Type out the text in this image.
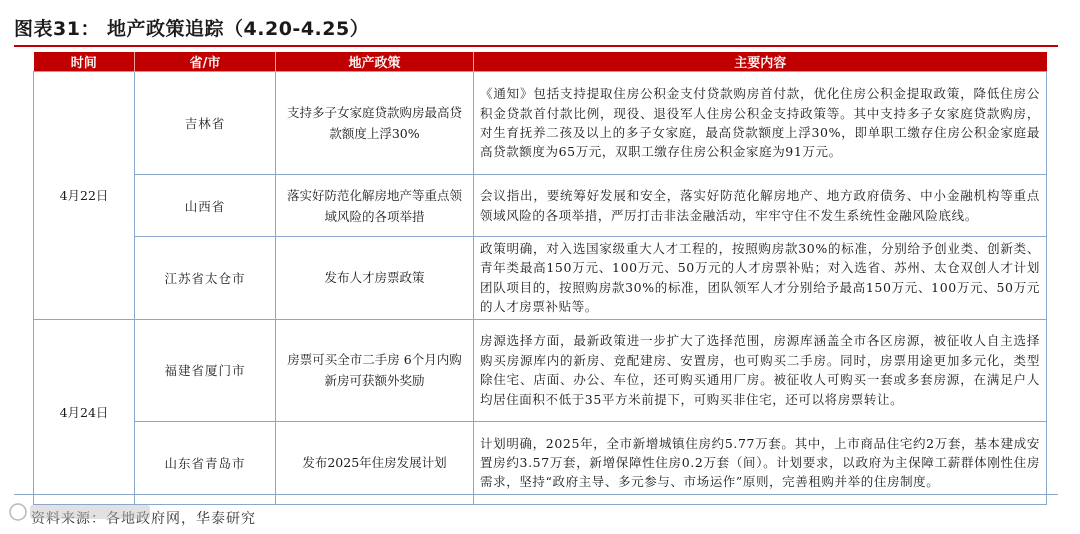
图表31： 地产政策追踪（4.20-4.25）
时间	省/市	地产政策	主要内容
4月22日	吉林省	支持多子女家庭贷款购房最高贷款额度上浮30%	《通知》包括支持提取住房公积金支付贷款购房首付款，优化住房公积金提取政策，降低住房公积金贷款首付款比例，现役、退役军人住房公积金支持政策等。其中支持多子女家庭贷款购房，对生育抚养二孩及以上的多子女家庭，最高贷款额度上浮30%，即单职工缴存住房公积金家庭最高贷款额度为65万元，双职工缴存住房公积金家庭为91万元。
	山西省	落实好防范化解房地产等重点领域风险的各项举措	会议指出，要统筹好发展和安全，落实好防范化解房地产、地方政府债务、中小金融机构等重点领域风险的各项举措，严厉打击非法金融活动，牢牢守住不发生系统性金融风险底线。
	江苏省太仓市	发布人才房票政策	政策明确，对入选国家级重大人才工程的，按照购房款30%的标准，分别给予创业类、创新类、青年类最高150万元、100万元、50万元的人才房票补贴；对入选省、苏州、太仓双创人才计划团队项目的，按照购房款30%的标准，团队领军人才分别给予最高150万元、100万元、50万元的人才房票补贴等。
4月24日	福建省厦门市	房票可买全市二手房 6个月内购新房可获额外奖励	房源选择方面，最新政策进一步扩大了选择范围，房源库涵盖全市各区房源，被征收人自主选择购买房源库内的新房、竞配建房、安置房，也可购买二手房。同时，房票用途更加多元化，类型除住宅、店面、办公、车位，还可购买通用厂房。被征收人可购买一套或多套房源，在满足户人均居住面积不低于35平方米前提下，可购买非住宅，还可以将房票转让。
	山东省青岛市	发布2025年住房发展计划	计划明确，2025年，全市新增城镇住房约5.77万套。其中，上市商品住宅约2万套，基本建成安置房约3.57万套，新增保障性住房0.2万套（间）。计划要求，以政府为主保障工薪群体刚性住房需求，坚持“政府主导、多元参与、市场运作”原则，完善租购并举的住房制度。
资料来源：各地政府网，华泰研究
